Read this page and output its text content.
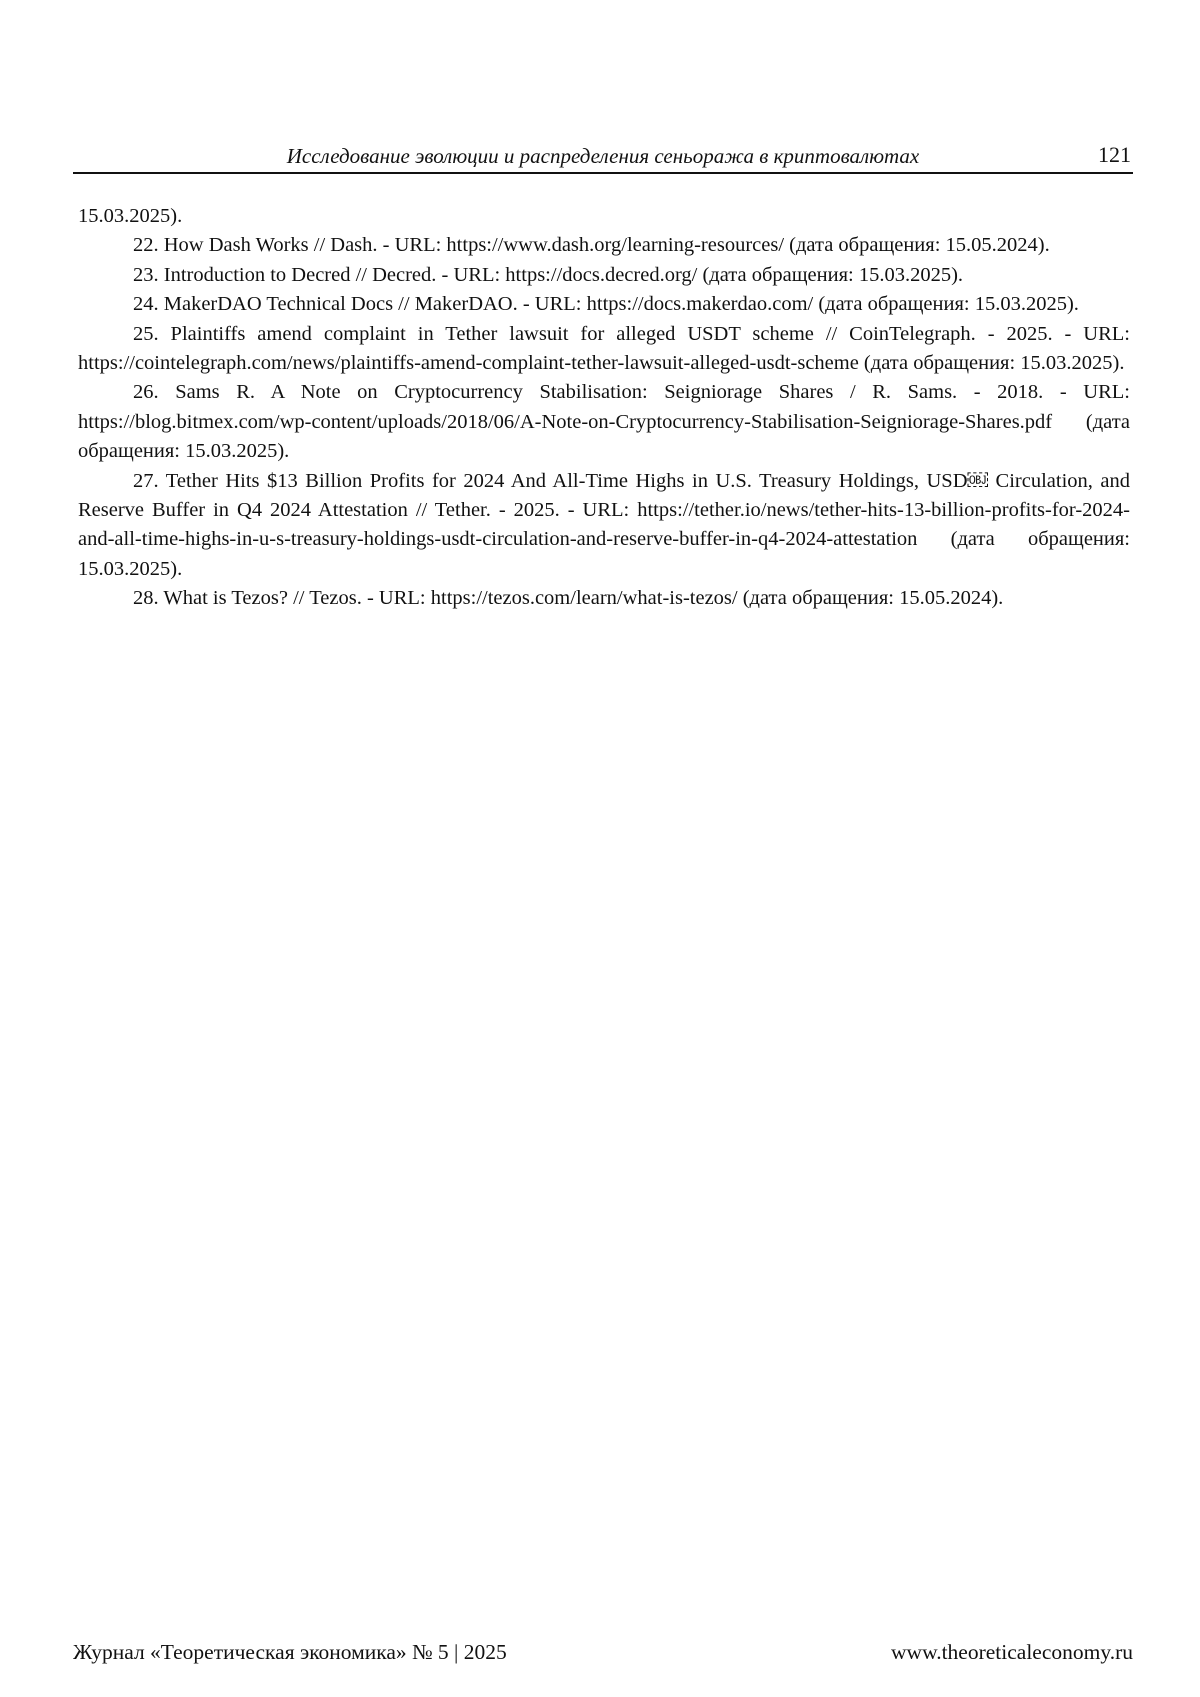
Исследование эволюции и распределения сеньоража в криптовалютах	121

15.03.2025).

22. How Dash Works // Dash. - URL: https://www.dash.org/learning-resources/ (дата обращения: 15.05.2024).

23. Introduction to Decred // Decred. - URL: https://docs.decred.org/ (дата обращения: 15.03.2025).

24. MakerDAO Technical Docs // MakerDAO. - URL: https://docs.makerdao.com/ (дата обращения: 15.03.2025).

25. Plaintiffs amend complaint in Tether lawsuit for alleged USDT scheme // CoinTelegraph. - 2025. - URL: https://cointelegraph.com/news/plaintiffs-amend-complaint-tether-lawsuit-alleged-usdt-scheme (дата обращения: 15.03.2025).

26. Sams R. A Note on Cryptocurrency Stabilisation: Seigniorage Shares / R. Sams. - 2018. - URL: https://blog.bitmex.com/wp-content/uploads/2018/06/A-Note-on-Cryptocurrency-Stabilisation-Seigniorage-Shares.pdf (дата обращения: 15.03.2025).

27. Tether Hits $13 Billion Profits for 2024 And All-Time Highs in U.S. Treasury Holdings, USD￼ Circulation, and Reserve Buffer in Q4 2024 Attestation // Tether. - 2025. - URL: https://tether.io/news/tether-hits-13-billion-profits-for-2024-and-all-time-highs-in-u-s-treasury-holdings-usdt-circulation-and-reserve-buffer-in-q4-2024-attestation (дата обращения: 15.03.2025).

28. What is Tezos? // Tezos. - URL: https://tezos.com/learn/what-is-tezos/ (дата обращения: 15.05.2024).

Журнал «Теоретическая экономика» № 5 | 2025	www.theoreticaleconomy.ru
